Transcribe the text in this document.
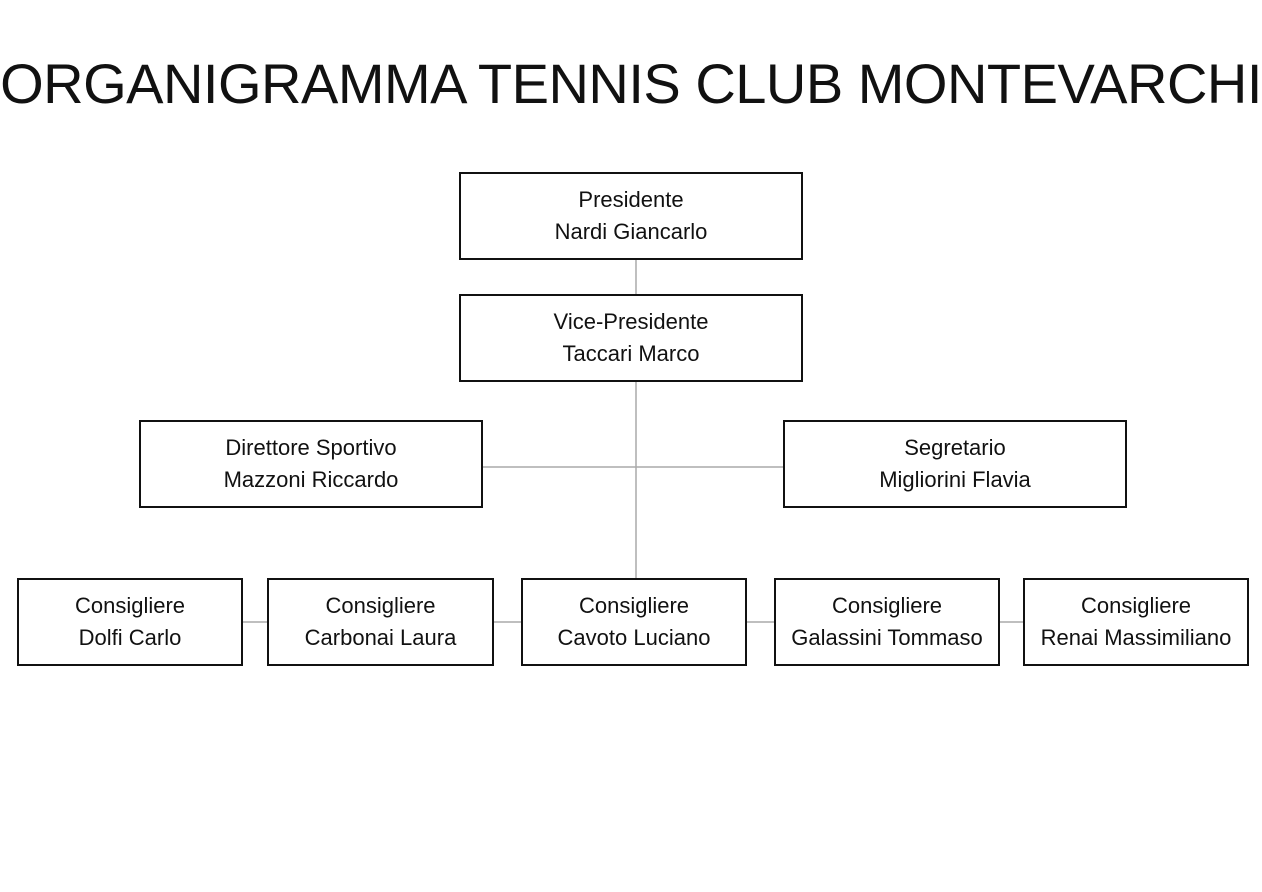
ORGANIGRAMMA TENNIS CLUB MONTEVARCHI
Presidente
Nardi Giancarlo
Vice-Presidente
Taccari Marco
Direttore Sportivo
Mazzoni Riccardo
Segretario
Migliorini Flavia
Consigliere
Dolfi Carlo
Consigliere
Carbonai Laura
Consigliere
Cavoto Luciano
Consigliere
Galassini Tommaso
Consigliere
Renai Massimiliano
